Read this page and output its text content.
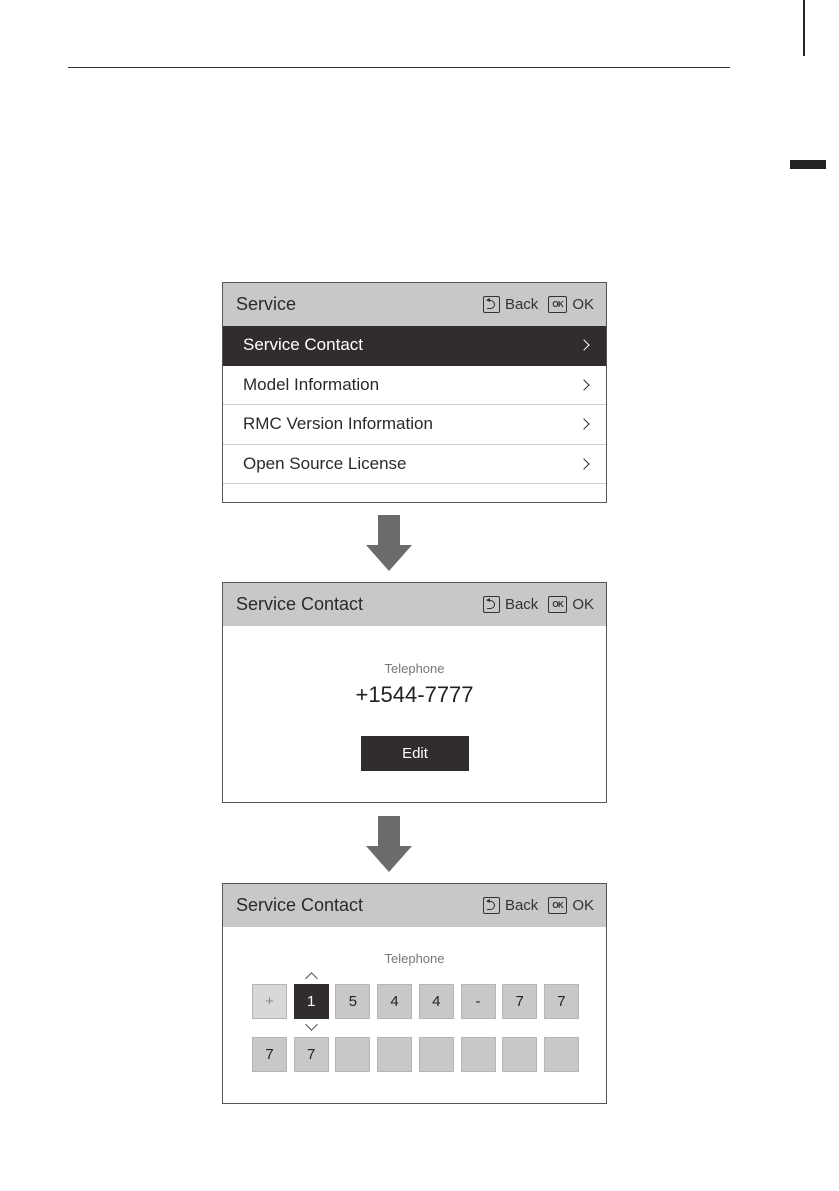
Service	Back	OK OK
Service Contact
Model Information
RMC Version Information
Open Source License
Service Contact	Back	OK OK
Telephone
+1544-7777
Edit
Service Contact	Back	OK OK
Telephone
+	1	5	4	4	-	7	7
7	7
